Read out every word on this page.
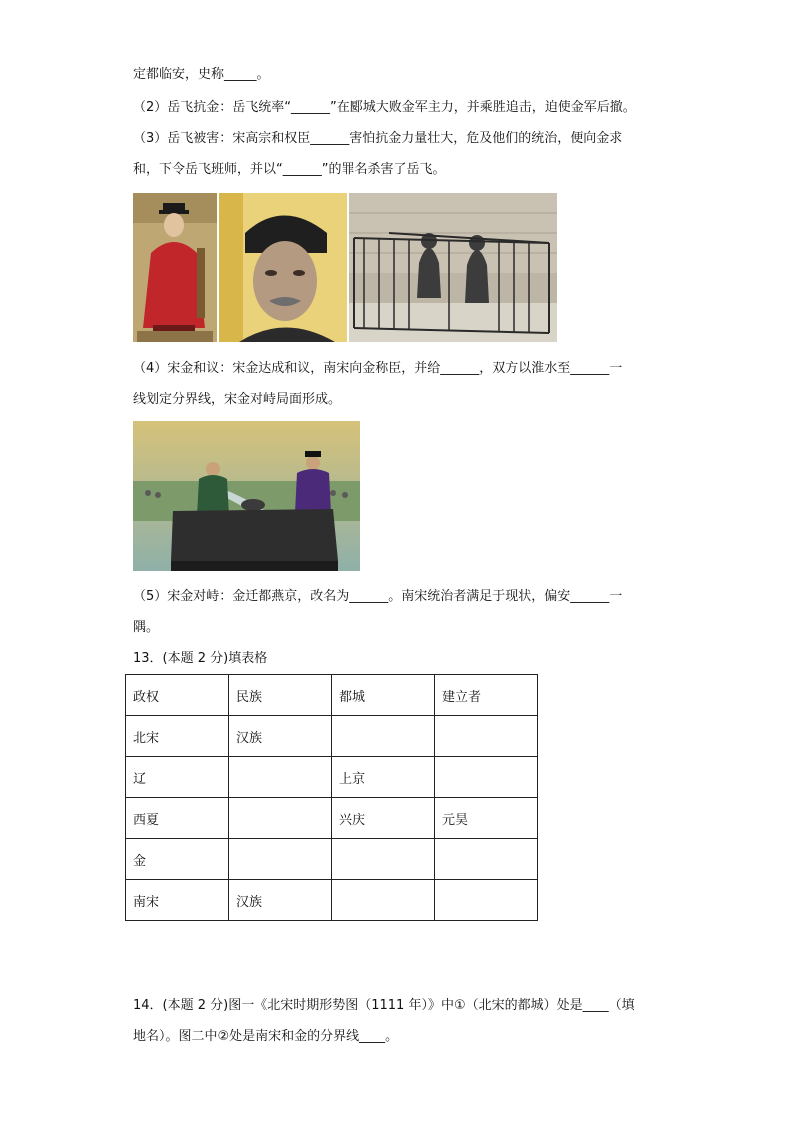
定都临安，史称_____。
（2）岳飞抗金：岳飞统率“______”在郾城大败金军主力，并乘胜追击，迫使金军后撤。
（3）岳飞被害：宋高宗和权臣______害怕抗金力量壮大，危及他们的统治，便向金求
和，下令岳飞班师，并以“______”的罪名杀害了岳飞。
（4）宋金和议：宋金达成和议，南宋向金称臣，并给______，双方以淮水至______一
线划定分界线，宋金对峙局面形成。
（5）宋金对峙：金迁都燕京，改名为______。南宋统治者满足于现状，偏安______一
隅。
13．(本题 2 分)填表格
政权	民族	都城	建立者
北宋	汉族		
辽		上京	
西夏		兴庆	元昊
金			
南宋	汉族		
14．(本题 2 分)图一《北宋时期形势图（1111 年）》中①（北宋的都城）处是____（填
地名）。图二中②处是南宋和金的分界线____。
